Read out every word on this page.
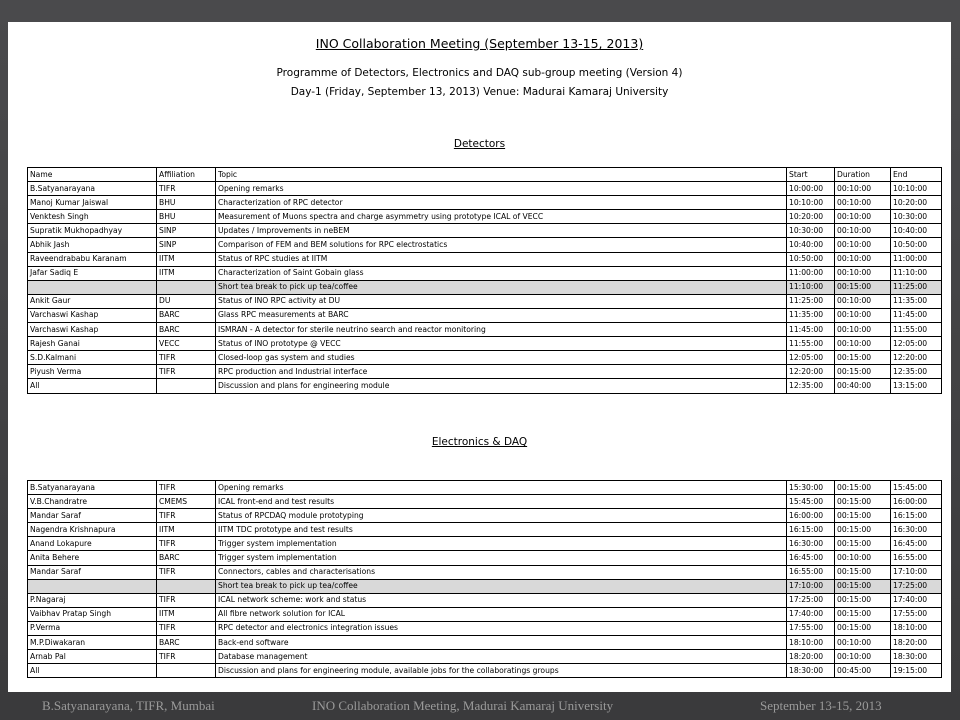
INO Collaboration Meeting (September 13-15, 2013)
Programme of Detectors, Electronics and DAQ sub-group meeting (Version 4)
Day-1 (Friday, September 13, 2013) Venue: Madurai Kamaraj University
Detectors
Name	Affiliation	Topic	Start	Duration	End
B.Satyanarayana	TIFR	Opening remarks	10:00:00	00:10:00	10:10:00
Manoj Kumar Jaiswal	BHU	Characterization of RPC detector	10:10:00	00:10:00	10:20:00
Venktesh Singh	BHU	Measurement of Muons spectra and charge asymmetry using prototype ICAL of VECC	10:20:00	00:10:00	10:30:00
Supratik Mukhopadhyay	SINP	Updates / Improvements in neBEM	10:30:00	00:10:00	10:40:00
Abhik Jash	SINP	Comparison of FEM and BEM solutions for RPC electrostatics	10:40:00	00:10:00	10:50:00
Raveendrababu Karanam	IITM	Status of RPC studies at IITM	10:50:00	00:10:00	11:00:00
Jafar Sadiq E	IITM	Characterization of Saint Gobain glass	11:00:00	00:10:00	11:10:00
		Short tea break to pick up tea/coffee	11:10:00	00:15:00	11:25:00
Ankit Gaur	DU	Status of INO RPC activity at DU	11:25:00	00:10:00	11:35:00
Varchaswi Kashap	BARC	Glass RPC measurements at BARC	11:35:00	00:10:00	11:45:00
Varchaswi Kashap	BARC	ISMRAN - A detector for sterile neutrino search and reactor monitoring	11:45:00	00:10:00	11:55:00
Rajesh Ganai	VECC	Status of INO prototype @ VECC	11:55:00	00:10:00	12:05:00
S.D.Kalmani	TIFR	Closed-loop gas system and studies	12:05:00	00:15:00	12:20:00
Piyush Verma	TIFR	RPC production and Industrial interface	12:20:00	00:15:00	12:35:00
All		Discussion and plans for engineering module	12:35:00	00:40:00	13:15:00
Electronics & DAQ
B.Satyanarayana	TIFR	Opening remarks	15:30:00	00:15:00	15:45:00
V.B.Chandratre	CMEMS	ICAL front-end and test results	15:45:00	00:15:00	16:00:00
Mandar Saraf	TIFR	Status of RPCDAQ module prototyping	16:00:00	00:15:00	16:15:00
Nagendra Krishnapura	IITM	IITM TDC prototype and test results	16:15:00	00:15:00	16:30:00
Anand Lokapure	TIFR	Trigger system implementation	16:30:00	00:15:00	16:45:00
Anita Behere	BARC	Trigger system implementation	16:45:00	00:10:00	16:55:00
Mandar Saraf	TIFR	Connectors, cables and characterisations	16:55:00	00:15:00	17:10:00
		Short tea break to pick up tea/coffee	17:10:00	00:15:00	17:25:00
P.Nagaraj	TIFR	ICAL network scheme: work and status	17:25:00	00:15:00	17:40:00
Vaibhav Pratap Singh	IITM	All fibre network solution for ICAL	17:40:00	00:15:00	17:55:00
P.Verma	TIFR	RPC detector and electronics integration issues	17:55:00	00:15:00	18:10:00
M.P.Diwakaran	BARC	Back-end software	18:10:00	00:10:00	18:20:00
Arnab Pal	TIFR	Database management	18:20:00	00:10:00	18:30:00
All		Discussion and plans for engineering module, available jobs for the collaboratings groups	18:30:00	00:45:00	19:15:00
B.Satyanarayana, TIFR, Mumbai	INO Collaboration Meeting, Madurai Kamaraj University	September 13-15, 2013
